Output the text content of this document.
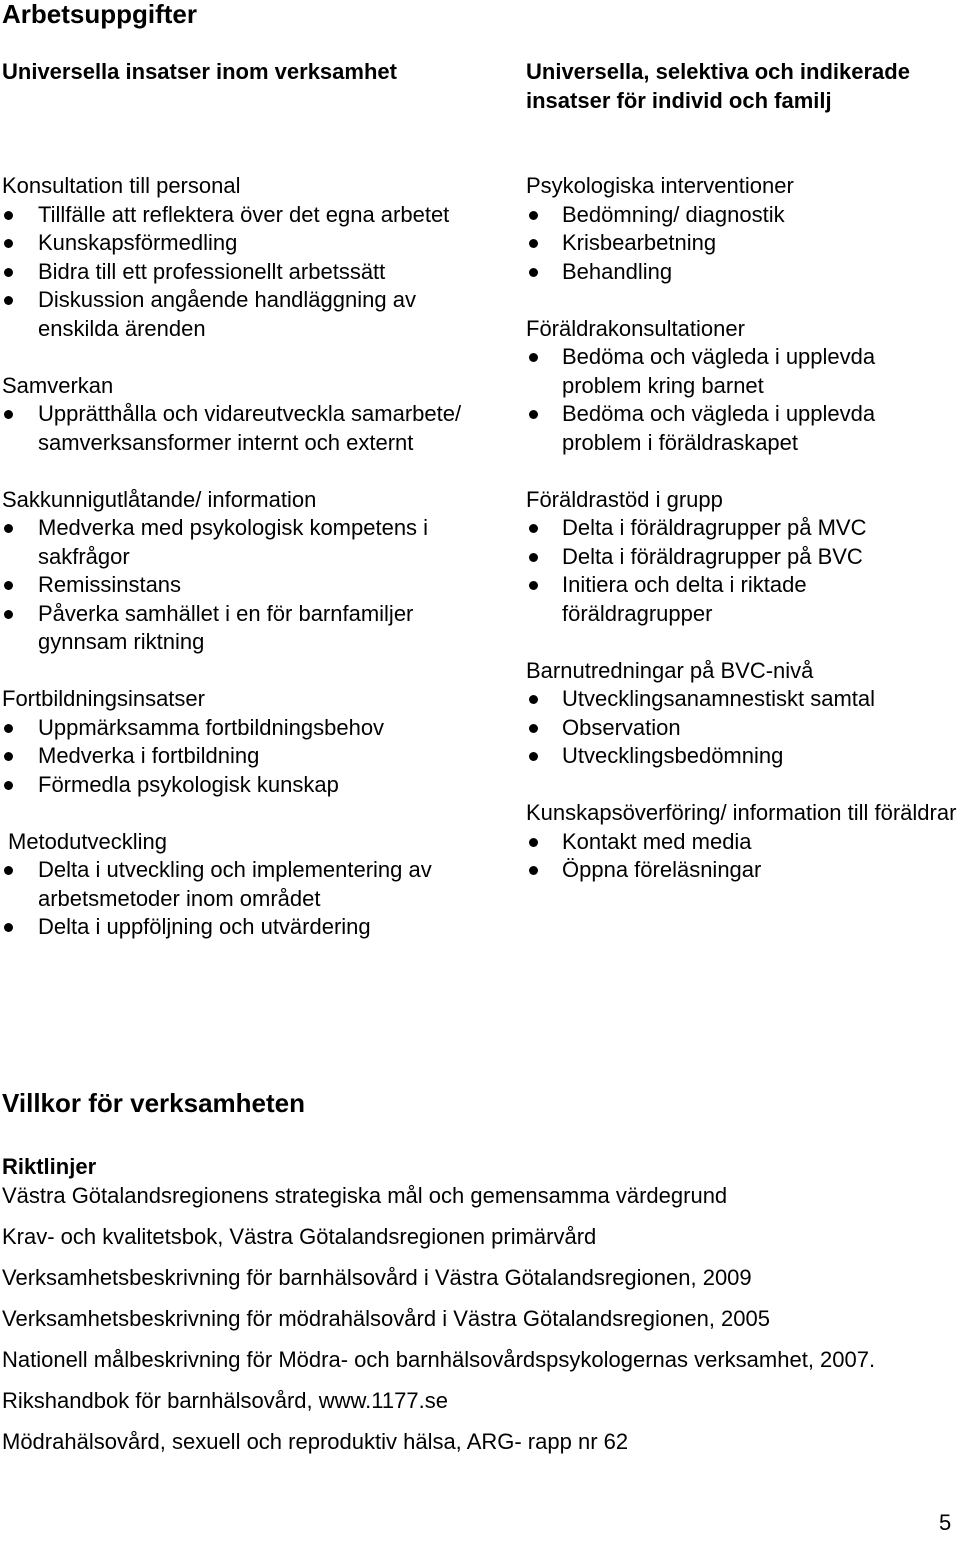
Arbetsuppgifter
Universella insatser inom verksamhet	Universella, selektiva och indikerade insatser för individ och familj

Konsultation till personal

Tillfälle att reflektera över det egna arbetet
Kunskapsförmedling
Bidra till ett professionellt arbetssätt
Diskussion angående handläggning av enskilda ärenden

Samverkan

Upprätthålla och vidareutveckla samarbete/ samverksansformer internt och externt

Sakkunnigutlåtande/ information

Medverka med psykologisk kompetens i sakfrågor
Remissinstans
Påverka samhället i en för barnfamiljer gynnsam riktning

Fortbildningsinsatser

Uppmärksamma fortbildningsbehov
Medverka i fortbildning
Förmedla psykologisk kunskap

Metodutveckling

Delta i utveckling och implementering av arbetsmetoder inom området
Delta i uppföljning och utvärdering

Psykologiska interventioner

Bedömning/ diagnostik
Krisbearbetning
Behandling

Föräldrakonsultationer

Bedöma och vägleda i upplevda problem kring barnet
Bedöma och vägleda i upplevda problem i föräldraskapet

Föräldrastöd i grupp

Delta i föräldragrupper på MVC
Delta i föräldragrupper på BVC
Initiera och delta i riktade föräldragrupper

Barnutredningar på BVC-nivå

Utvecklingsanamnestiskt samtal
Observation
Utvecklingsbedömning

Kunskapsöverföring/ information till föräldrar

Kontakt med media
Öppna föreläsningar
Villkor för verksamheten
Riktlinjer

Västra Götalandsregionens strategiska mål och gemensamma värdegrund

Krav- och kvalitetsbok, Västra Götalandsregionen primärvård

Verksamhetsbeskrivning för barnhälsovård i Västra Götalandsregionen, 2009

Verksamhetsbeskrivning för mödrahälsovård i Västra Götalandsregionen, 2005

Nationell målbeskrivning för Mödra- och barnhälsovårdspsykologernas verksamhet, 2007.

Rikshandbok för barnhälsovård, www.1177.se

Mödrahälsovård, sexuell och reproduktiv hälsa, ARG- rapp nr 62

5
